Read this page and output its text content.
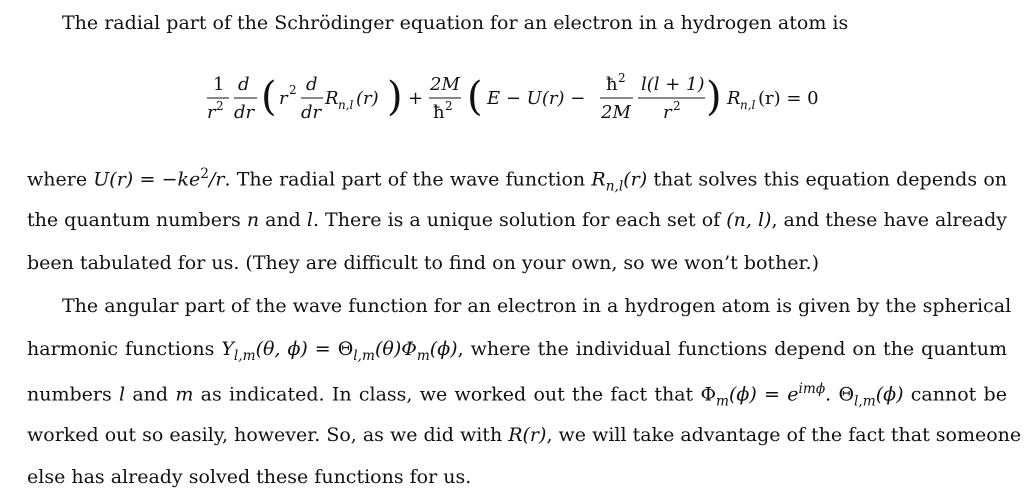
The radial part of the Schrödinger equation for an electron in a hydrogen atom is
1
r 2
d
dr ( r 2 d
dr
R n,l (r) ) +
2M
ħ 2 ( E − U(r) −
ħ 2
2M
l(l + 1)
r 2 ) R n,l (r) = 0
where $U(r) = -ke^2/r$. The radial part of the wave function $R_{n,l}(r)$ that solves this equation depends on
the quantum numbers n and l. There is a unique solution for each set of (n, l), and these have already
been tabulated for us. (They are difficult to find on your own, so we won’t bother.)
The angular part of the wave function for an electron in a hydrogen atom is given by the spherical
harmonic functions $Y_{l,m}(\theta$, $\phi) = \Theta_{l,m}(\theta)\Phi_m(\phi)$, where the individual functions depend on the quantum
numbers l and m as indicated. In class, we worked out the fact that $\Phi_m(\phi) = e^{im\phi}$. $\Theta_{l,m}(\phi)$ cannot be
worked out so easily, however. So, as we did with R(r), we will take advantage of the fact that someone
else has already solved these functions for us.
